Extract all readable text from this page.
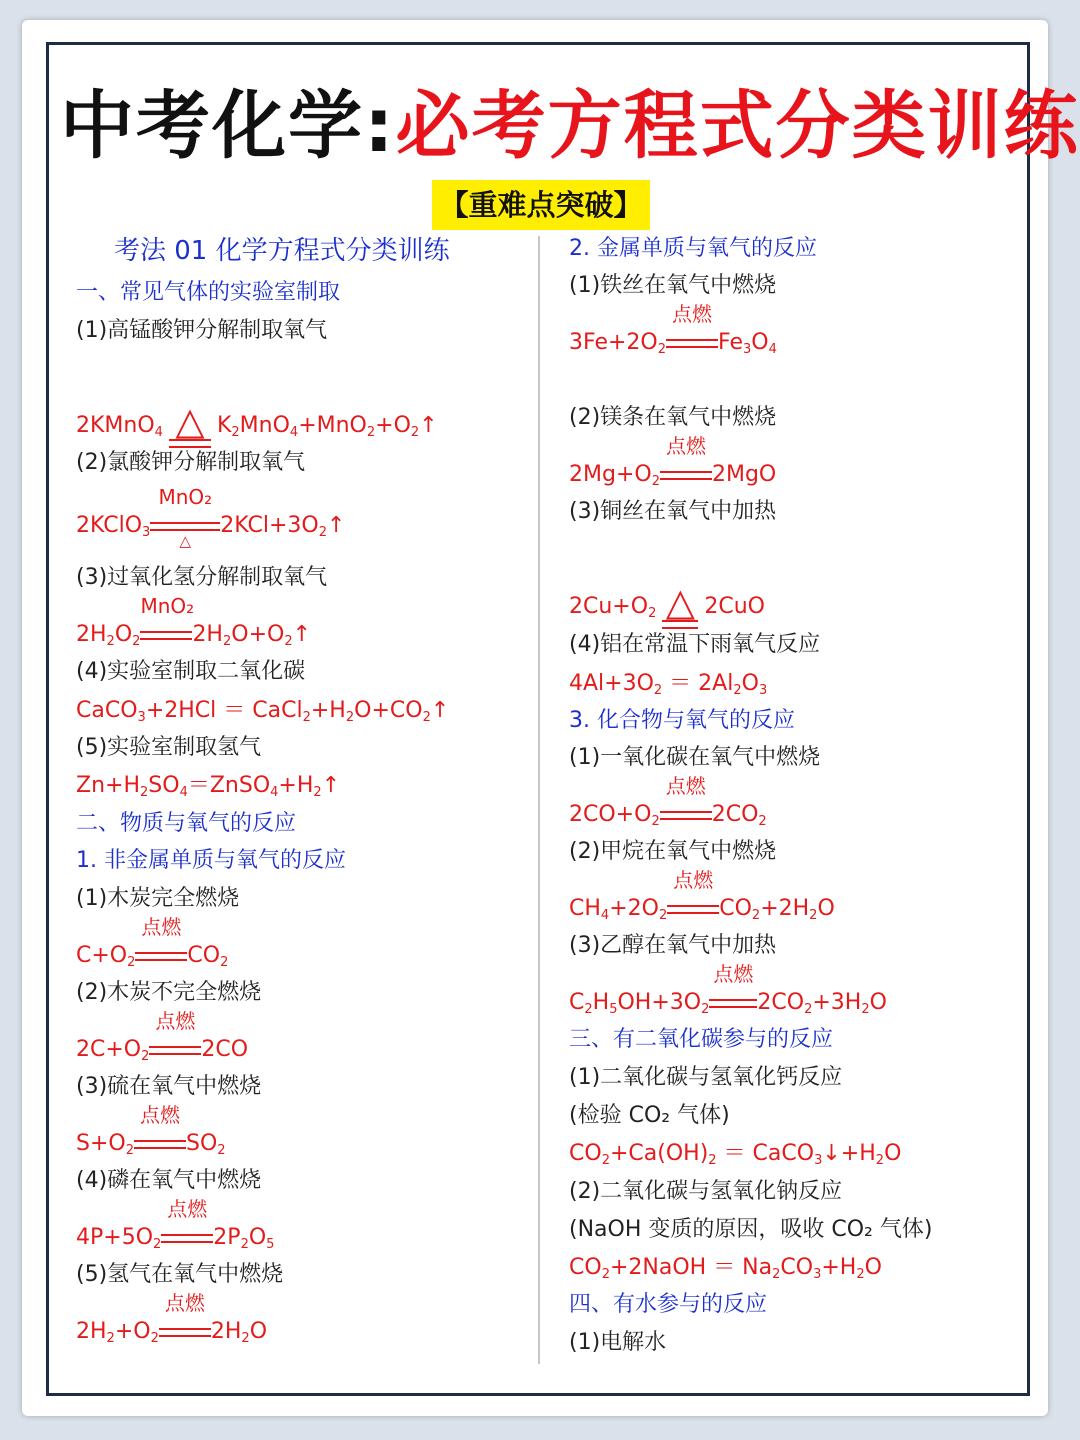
中考化学:必考方程式分类训练
【重难点突破】
考法 01 化学方程式分类训练
一、常见气体的实验室制取
(1)高锰酸钾分解制取氧气
2KMnO$_4$ △ $K_2MnO_4+MnO_2+O_2↑$
(2)氯酸钾分解制取氧气
2KClO$_3$
MnO₂
△
$2KCl+3O_2↑$
(3)过氧化氢分解制取氧气
$2H_2O_2$
MnO₂
$2H_2O+O_2↑$
(4)实验室制取二氧化碳
CaCO$_3$+2HCl ＝ $CaCl_2+H_2O+CO_2↑$
(5)实验室制取氢气
$Zn+H_2SO_4=ZnSO_4+H_2↑$
二、物质与氧气的反应
1. 非金属单质与氧气的反应
(1)木炭完全燃烧
$C+O_2$
点燃
$CO_2$
(2)木炭不完全燃烧
$2C+O_2$
点燃
2CO
(3)硫在氧气中燃烧
$S+O_2$
点燃
$SO_2$
(4)磷在氧气中燃烧
$4P+5O_2$
点燃
$2P_2O_5$
(5)氢气在氧气中燃烧
$2H_2+O_2$
点燃
$2H_2O$
2. 金属单质与氧气的反应
(1)铁丝在氧气中燃烧
$3Fe+2O_2$
点燃
$Fe_3O_4$
(2)镁条在氧气中燃烧
$2Mg+O_2$
点燃
2MgO
(3)铜丝在氧气中加热
$2Cu+O_2$ △ 2CuO
(4)铝在常温下雨氧气反应
$4Al+3O_2 = 2Al_2O_3$
3. 化合物与氧气的反应
(1)一氧化碳在氧气中燃烧
$2CO+O_2$
点燃
$2CO_2$
(2)甲烷在氧气中燃烧
$CH_4+2O_2$
点燃
$CO_2+2H_2O$
(3)乙醇在氧气中加热
$C_2H_5OH+3O_2$
点燃
$2CO_2+3H_2O$
三、有二氧化碳参与的反应
(1)二氧化碳与氢氧化钙反应
(检验 CO₂ 气体)
$CO_2+Ca(OH)_2$ ＝ $CaCO_3↓+H_2O$
(2)二氧化碳与氢氧化钠反应
(NaOH 变质的原因，吸收 CO₂ 气体)
$CO_2+2NaOH = Na_2CO_3+H_2O$
四、有水参与的反应
(1)电解水
